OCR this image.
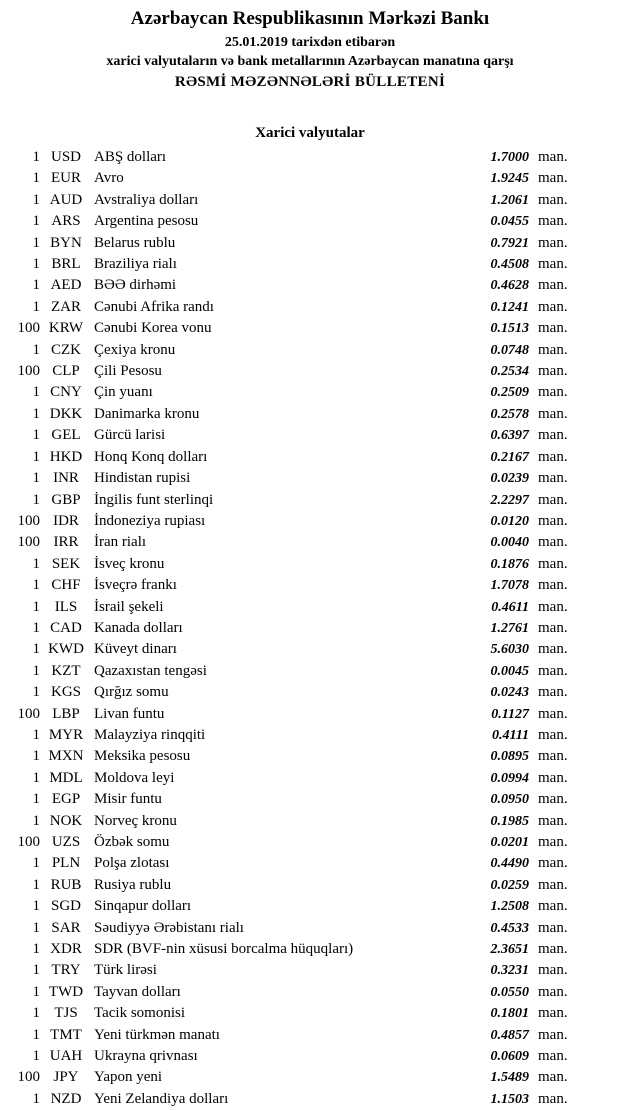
Azərbaycan Respublikasının Mərkəzi Bankı
25.01.2019 tarixdən etibarən
xarici valyutaların və bank metallarının Azərbaycan manatına qarşı
RƏSMİ MƏZƏNNƏLƏRİ BÜLLETENİ
Xarici valyutalar
1 USD ABŞ dolları	1.7000 man.
1 EUR Avro	1.9245 man.
1 AUD Avstraliya dolları	1.2061 man.
1 ARS Argentina pesosu	0.0455 man.
1 BYN Belarus rublu	0.7921 man.
1 BRL Braziliya rialı	0.4508 man.
1 AED BƏƏ dirhəmi	0.4628 man.
1 ZAR Cənubi Afrika randı	0.1241 man.
100 KRW Cənubi Korea vonu	0.1513 man.
1 CZK Çexiya kronu	0.0748 man.
100 CLP Çili Pesosu	0.2534 man.
1 CNY Çin yuanı	0.2509 man.
1 DKK Danimarka kronu	0.2578 man.
1 GEL Gürcü larisi	0.6397 man.
1 HKD Honq Konq dolları	0.2167 man.
1 INR	Hindistan rupisi	0.0239 man.
1 GBP İngilis funt sterlinqi	2.2297 man.
100 IDR	İndoneziya rupiası	0.0120 man.
100 IRR	İran rialı	0.0040 man.
1 SEK İsveç kronu	0.1876 man.
1 CHF İsveçrə frankı	1.7078 man.
1 ILS	İsrail şekeli	0.4611 man.
1 CAD Kanada dolları	1.2761 man.
1 KWD Küveyt dinarı	5.6030 man.
1 KZT Qazaxıstan tengəsi	0.0045 man.
1 KGS Qırğız somu	0.0243 man.
100 LBP Livan funtu	0.1127 man.
1 MYR Malayziya rinqqiti	0.4111 man.
1 MXN Meksika pesosu	0.0895 man.
1 MDL Moldova leyi	0.0994 man.
1 EGP Misir funtu	0.0950 man.
1 NOK Norveç kronu	0.1985 man.
100 UZS Özbək somu	0.0201 man.
1 PLN Polşa zlotası	0.4490 man.
1 RUB Rusiya rublu	0.0259 man.
1 SGD Sinqapur dolları	1.2508 man.
1 SAR Səudiyyə Ərəbistanı rialı	0.4533 man.
1 XDR SDR (BVF-nin xüsusi borcalma hüquqları)	2.3651 man.
1 TRY Türk lirəsi	0.3231 man.
1 TWD Tayvan dolları	0.0550 man.
1 TJS	Tacik somonisi	0.1801 man.
1 TMT Yeni türkmən manatı	0.4857 man.
1 UAH Ukrayna qrivnası	0.0609 man.
100 JPY	Yapon yeni	1.5489 man.
1 NZD Yeni Zelandiya dolları	1.1503 man.
